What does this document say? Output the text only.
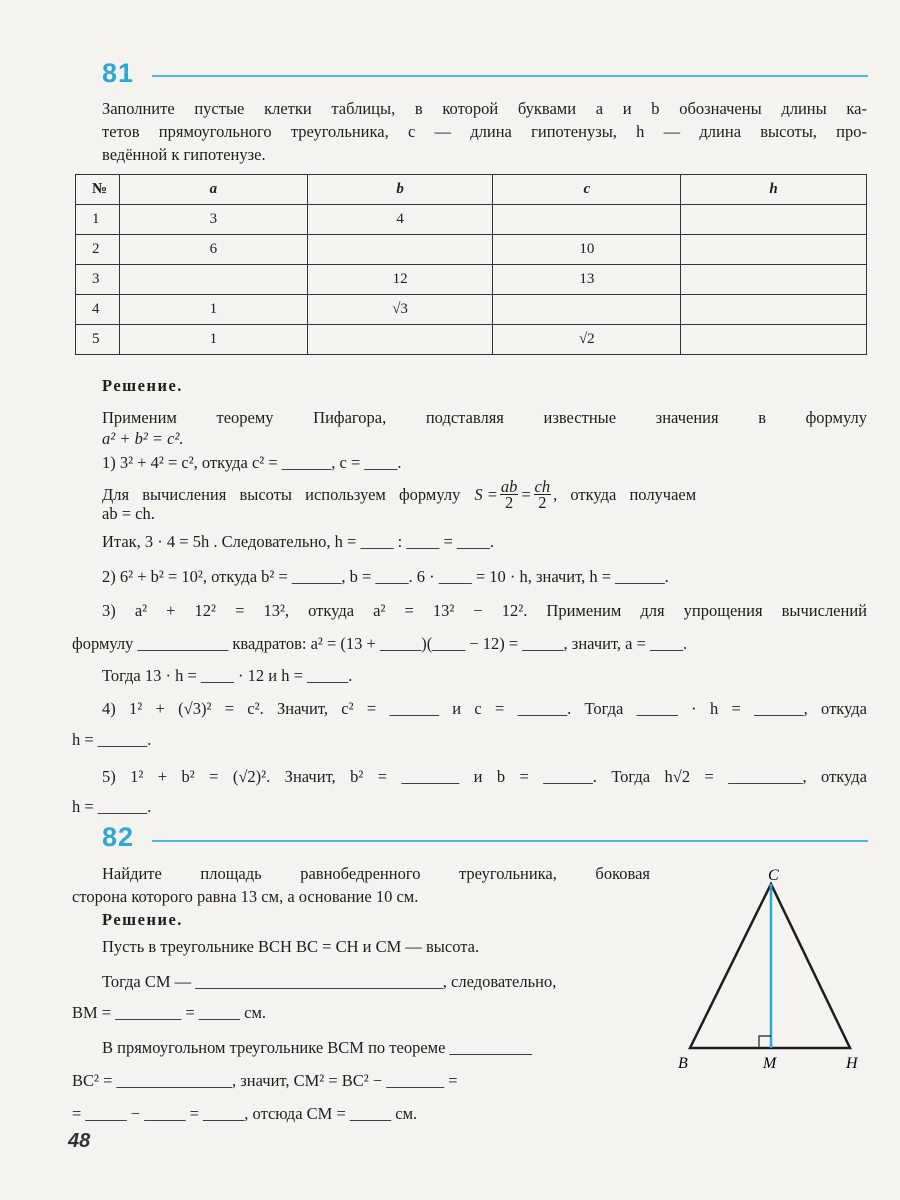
81
Заполните пустые клетки таблицы, в которой буквами a и b обозначены длины ка-
тетов прямоугольного треугольника, c — длина гипотенузы, h — длина высоты, про-
ведённой к гипотенузе.
№	a	b	c	h
1	3	4		
2	6		10	
3		12	13	
4	1	√3		
5	1		√2	
Решение.
Применим теорему Пифагора, подставляя известные значения в формулу
a² + b² = c².
1) 3² + 4² = c², откуда c² = ______, c = ____.
Для вычисления высоты используем формулу $S = \frac{ab}{2} = \frac{ch}{2}$ , откуда получаем
ab = ch.
Итак, 3 · 4 = 5h . Следовательно, h = ____ : ____ = ____.
2) 6² + b² = 10², откуда b² = ______, b = ____. 6 · ____ = 10 · h, значит, h = ______.
3) a² + 12² = 13², откуда a² = 13² − 12². Применим для упрощения вычислений
формулу ___________ квадратов: a² = (13 + _____)(____ − 12) = _____, значит, a = ____.
Тогда 13 · h = ____ · 12 и h = _____.
4) 1² + (√3)² = c². Значит, c² = ______ и c = ______. Тогда _____ · h = ______, откуда
h = ______.
5) 1² + b² = (√2)². Значит, b² = _______ и b = ______. Тогда h√2 = _________, откуда
h = ______.
82
Найдите площадь равнобедренного треугольника, боковая
сторона которого равна 13 см, а основание 10 см.
Решение.
Пусть в треугольнике BCH BC = CH и CM — высота.
Тогда CM — ______________________________, следовательно,
BM = ________ = _____ см.
В прямоугольном треугольнике BCM по теореме __________
BC² = ______________, значит, CM² = BC² − _______ =
= _____ − _____ = _____, отсюда CM = _____ см.
C
B	M	H
48
